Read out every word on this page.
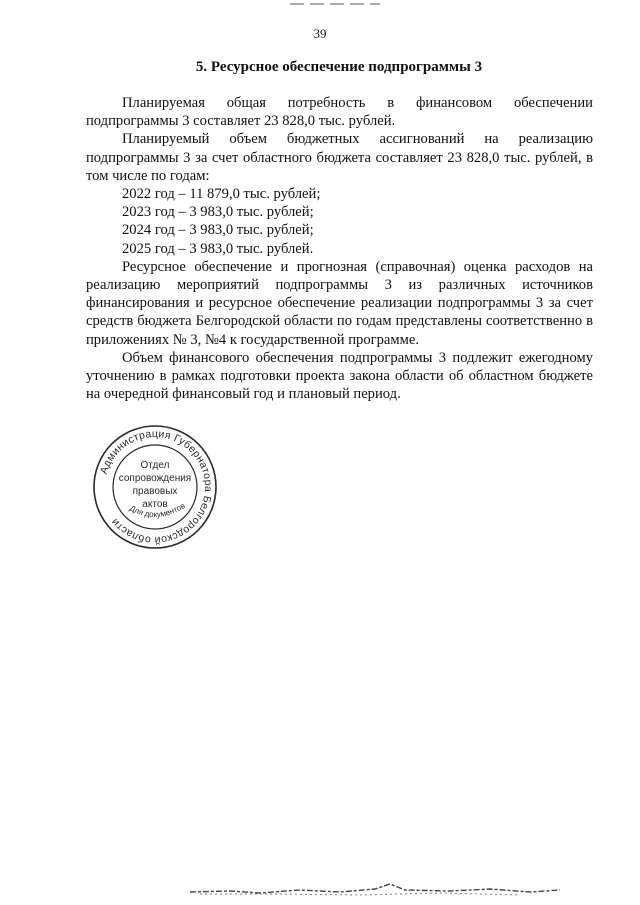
39
5. Ресурсное обеспечение подпрограммы 3

Планируемая общая потребность в финансовом обеспечении подпрограммы 3 составляет 23 828,0 тыс. рублей.

Планируемый объем бюджетных ассигнований на реализацию подпрограммы 3 за счет областного бюджета составляет 23 828,0 тыс. рублей, в том числе по годам:

2022 год – 11 879,0 тыс. рублей;

2023 год – 3 983,0 тыс. рублей;

2024 год – 3 983,0 тыс. рублей;

2025 год – 3 983,0 тыс. рублей.

Ресурсное обеспечение и прогнозная (справочная) оценка расходов на реализацию мероприятий подпрограммы 3 из различных источников финансирования и ресурсное обеспечение реализации подпрограммы 3 за счет средств бюджета Белгородской области по годам представлены соответственно в приложениях № 3, №4 к государственной программе.

Объем финансового обеспечения подпрограммы 3 подлежит ежегодному уточнению в рамках подготовки проекта закона области об областном бюджете на очередной финансовый год и плановый период.

Администрация Губернатора Белгородской области
Отдел
сопровождения
правовых
актов
Для документов
